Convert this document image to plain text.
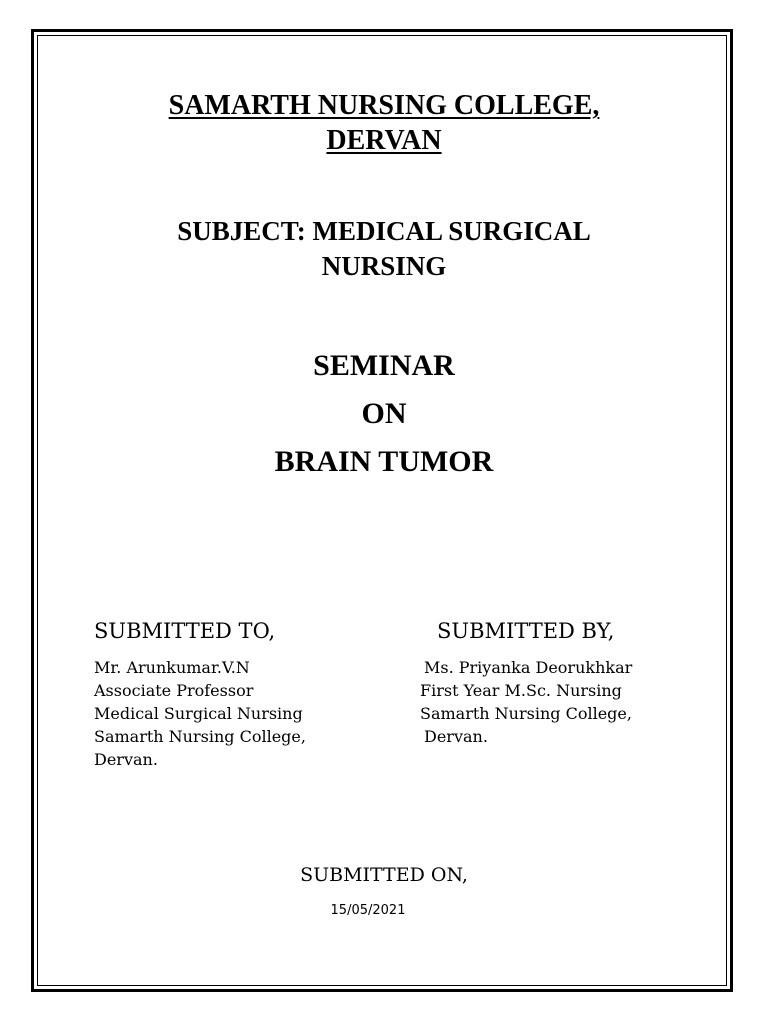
SAMARTH NURSING COLLEGE,
DERVAN
SUBJECT: MEDICAL SURGICAL
NURSING
SEMINAR
ON
BRAIN TUMOR
SUBMITTED TO,	SUBMITTED BY,
Mr. Arunkumar.V.N
Associate Professor
Medical Surgical Nursing
Samarth Nursing College,
Dervan.
Ms. Priyanka Deorukhkar
First Year M.Sc. Nursing
Samarth Nursing College,
Dervan.
SUBMITTED ON,
15/05/2021
